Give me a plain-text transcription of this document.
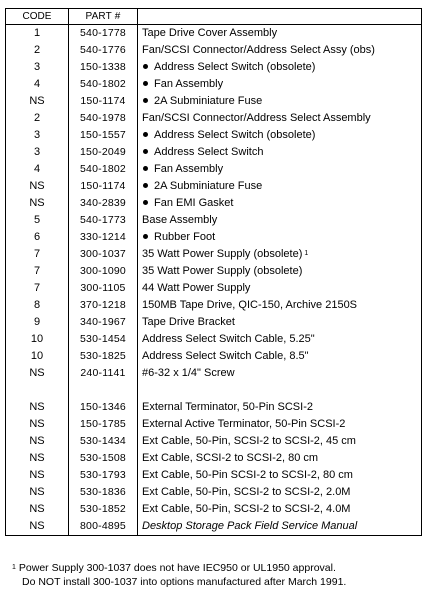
CODE	PART #	
1	540-1778	Tape Drive Cover Assembly
2	540-1776	Fan/SCSI Connector/Address Select Assy (obs)
3	150-1338	Address Select Switch (obsolete)
4	540-1802	Fan Assembly
NS	150-1174	2A Subminiature Fuse
2	540-1978	Fan/SCSI Connector/Address Select Assembly
3	150-1557	Address Select Switch (obsolete)
3	150-2049	Address Select Switch
4	540-1802	Fan Assembly
NS	150-1174	2A Subminiature Fuse
NS	340-2839	Fan EMI Gasket
5	540-1773	Base Assembly
6	330-1214	Rubber Foot
7	300-1037	35 Watt Power Supply (obsolete) $^1$
7	300-1090	35 Watt Power Supply (obsolete)
7	300-1105	44 Watt Power Supply
8	370-1218	150MB Tape Drive, QIC-150, Archive 2150S
9	340-1967	Tape Drive Bracket
10	530-1454	Address Select Switch Cable, 5.25"
10	530-1825	Address Select Switch Cable, 8.5"
NS	240-1141	#6-32 x 1/4" Screw

NS	150-1346	External Terminator, 50-Pin SCSI-2
NS	150-1785	External Active Terminator, 50-Pin SCSI-2
NS	530-1434	Ext Cable, 50-Pin, SCSI-2 to SCSI-2, 45 cm
NS	530-1508	Ext Cable, SCSI-2 to SCSI-2, 80 cm
NS	530-1793	Ext Cable, 50-Pin SCSI-2 to SCSI-2, 80 cm
NS	530-1836	Ext Cable, 50-Pin, SCSI-2 to SCSI-2, 2.0M
NS	530-1852	Ext Cable, 50-Pin, SCSI-2 to SCSI-2, 4.0M
NS	800-4895	Desktop Storage Pack Field Service Manual
$^1$ Power Supply 300-1037 does not have IEC950 or UL1950 approval.
Do NOT install 300-1037 into options manufactured after March 1991.
